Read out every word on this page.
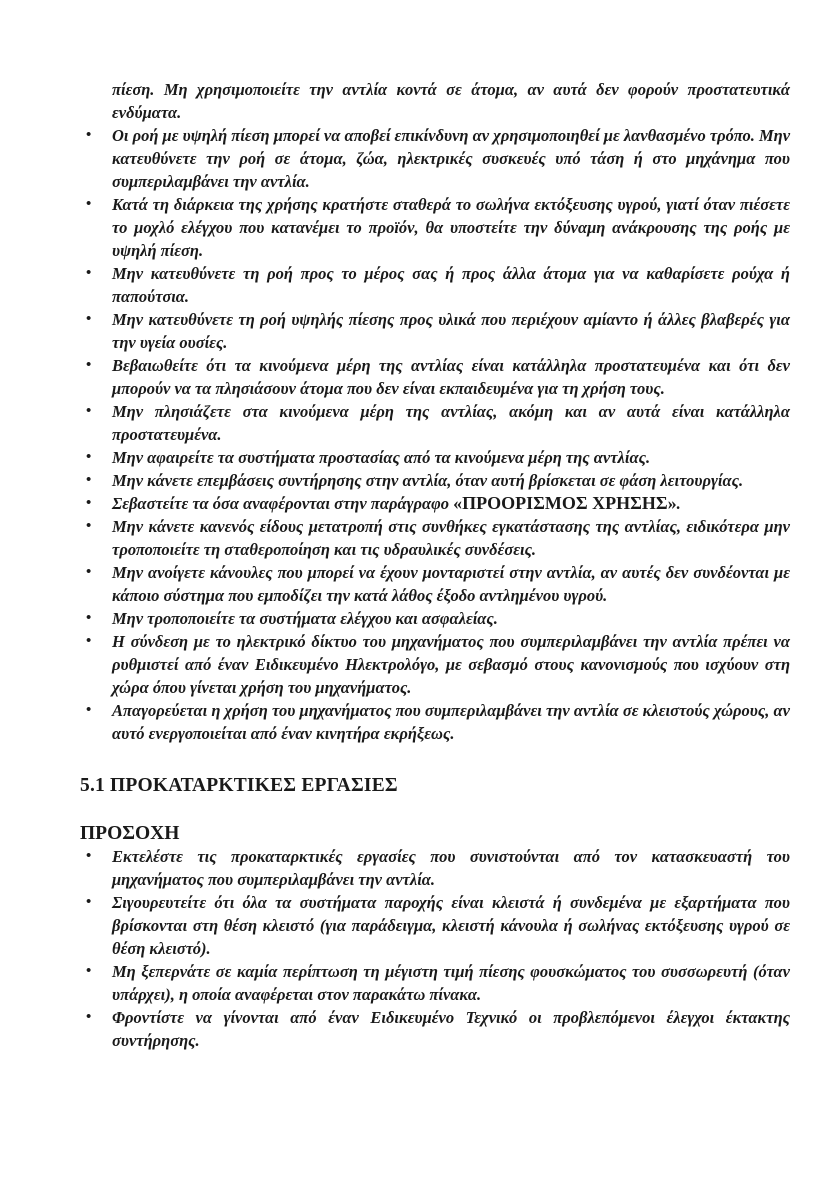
πίεση. Μη χρησιμοποιείτε την αντλία κοντά σε άτομα, αν αυτά δεν φορούν προστατευτικά ενδύματα.

• Οι ροή με υψηλή πίεση μπορεί να αποβεί επικίνδυνη αν χρησιμοποιηθεί με λανθασμένο τρόπο. Μην κατευθύνετε την ροή σε άτομα, ζώα, ηλεκτρικές συσκευές υπό τάση ή στο μηχάνημα που συμπεριλαμβάνει την αντλία.
• Κατά τη διάρκεια της χρήσης κρατήστε σταθερά το σωλήνα εκτόξευσης υγρού, γιατί όταν πιέσετε το μοχλό ελέγχου που κατανέμει το προϊόν, θα υποστείτε την δύναμη ανάκρουσης της ροής με υψηλή πίεση.
• Μην κατευθύνετε τη ροή προς το μέρος σας ή προς άλλα άτομα για να καθαρίσετε ρούχα ή παπούτσια.
• Μην κατευθύνετε τη ροή υψηλής πίεσης προς υλικά που περιέχουν αμίαντο ή άλλες βλαβερές για την υγεία ουσίες.
• Βεβαιωθείτε ότι τα κινούμενα μέρη της αντλίας είναι κατάλληλα προστατευμένα και ότι δεν μπορούν να τα πλησιάσουν άτομα που δεν είναι εκπαιδευμένα για τη χρήση τους.
• Μην πλησιάζετε στα κινούμενα μέρη της αντλίας, ακόμη και αν αυτά είναι κατάλληλα προστατευμένα.
• Μην αφαιρείτε τα συστήματα προστασίας από τα κινούμενα μέρη της αντλίας.
• Μην κάνετε επεμβάσεις συντήρησης στην αντλία, όταν αυτή βρίσκεται σε φάση λειτουργίας.
• Σεβαστείτε τα όσα αναφέρονται στην παράγραφο «ΠΡΟΟΡΙΣΜΟΣ ΧΡΗΣΗΣ».
• Μην κάνετε κανενός είδους μετατροπή στις συνθήκες εγκατάστασης της αντλίας, ειδικότερα μην τροποποιείτε τη σταθεροποίηση και τις υδραυλικές συνδέσεις.
• Μην ανοίγετε κάνουλες που μπορεί να έχουν μονταριστεί στην αντλία, αν αυτές δεν συνδέονται με κάποιο σύστημα που εμποδίζει την κατά λάθος έξοδο αντλημένου υγρού.
• Μην τροποποιείτε τα συστήματα ελέγχου και ασφαλείας.
• Η σύνδεση με το ηλεκτρικό δίκτυο του μηχανήματος που συμπεριλαμβάνει την αντλία πρέπει να ρυθμιστεί από έναν Ειδικευμένο Ηλεκτρολόγο, με σεβασμό στους κανονισμούς που ισχύουν στη χώρα όπου γίνεται χρήση του μηχανήματος.
• Απαγορεύεται η χρήση του μηχανήματος που συμπεριλαμβάνει την αντλία σε κλειστούς χώρους, αν αυτό ενεργοποιείται από έναν κινητήρα εκρήξεως.
5.1 ΠΡΟΚΑΤΑΡΚΤΙΚΕΣ ΕΡΓΑΣΙΕΣ
ΠΡΟΣΟΧΗ
• Εκτελέστε τις προκαταρκτικές εργασίες που συνιστούνται από τον κατασκευαστή του μηχανήματος που συμπεριλαμβάνει την αντλία.
• Σιγουρευτείτε ότι όλα τα συστήματα παροχής είναι κλειστά ή συνδεμένα με εξαρτήματα που βρίσκονται στη θέση κλειστό (για παράδειγμα, κλειστή κάνουλα ή σωλήνας εκτόξευσης υγρού σε θέση κλειστό).
• Μη ξεπερνάτε σε καμία περίπτωση τη μέγιστη τιμή πίεσης φουσκώματος του συσσωρευτή (όταν υπάρχει), η οποία αναφέρεται στον παρακάτω πίνακα.
• Φροντίστε να γίνονται από έναν Ειδικευμένο Τεχνικό οι προβλεπόμενοι έλεγχοι έκτακτης συντήρησης.
